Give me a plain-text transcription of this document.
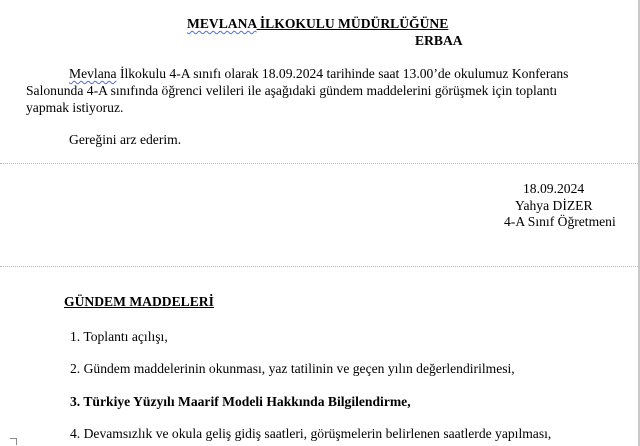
MEVLANA İLKOKULU MÜDÜRLÜĞÜNE
ERBAA
Mevlana İlkokulu 4-A sınıfı olarak 18.09.2024 tarihinde saat 13.00’de okulumuz Konferans
Salonunda 4-A sınıfında öğrenci velileri ile aşağıdaki gündem maddelerini görüşmek için toplantı
yapmak istiyoruz.
Gereğini arz ederim.
18.09.2024
Yahya DİZER
4-A Sınıf Öğretmeni
GÜNDEM MADDELERİ
1. Toplantı açılışı,
2. Gündem maddelerinin okunması, yaz tatilinin ve geçen yılın değerlendirilmesi,
3. Türkiye Yüzyılı Maarif Modeli Hakkında Bilgilendirme,
4. Devamsızlık ve okula geliş gidiş saatleri, görüşmelerin belirlenen saatlerde yapılması,
